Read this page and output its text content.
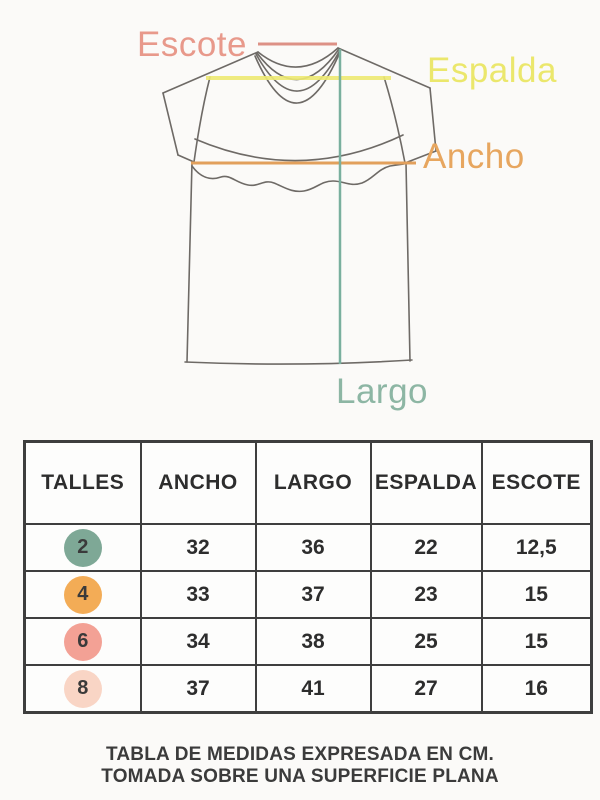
Escote
Espalda
Ancho
Largo
TALLES	ANCHO	LARGO	ESPALDA	ESCOTE
2	32	36	22	12,5
4	33	37	23	15
6	34	38	25	15
8	37	41	27	16
TABLA DE MEDIDAS EXPRESADA EN CM.
TOMADA SOBRE UNA SUPERFICIE PLANA
